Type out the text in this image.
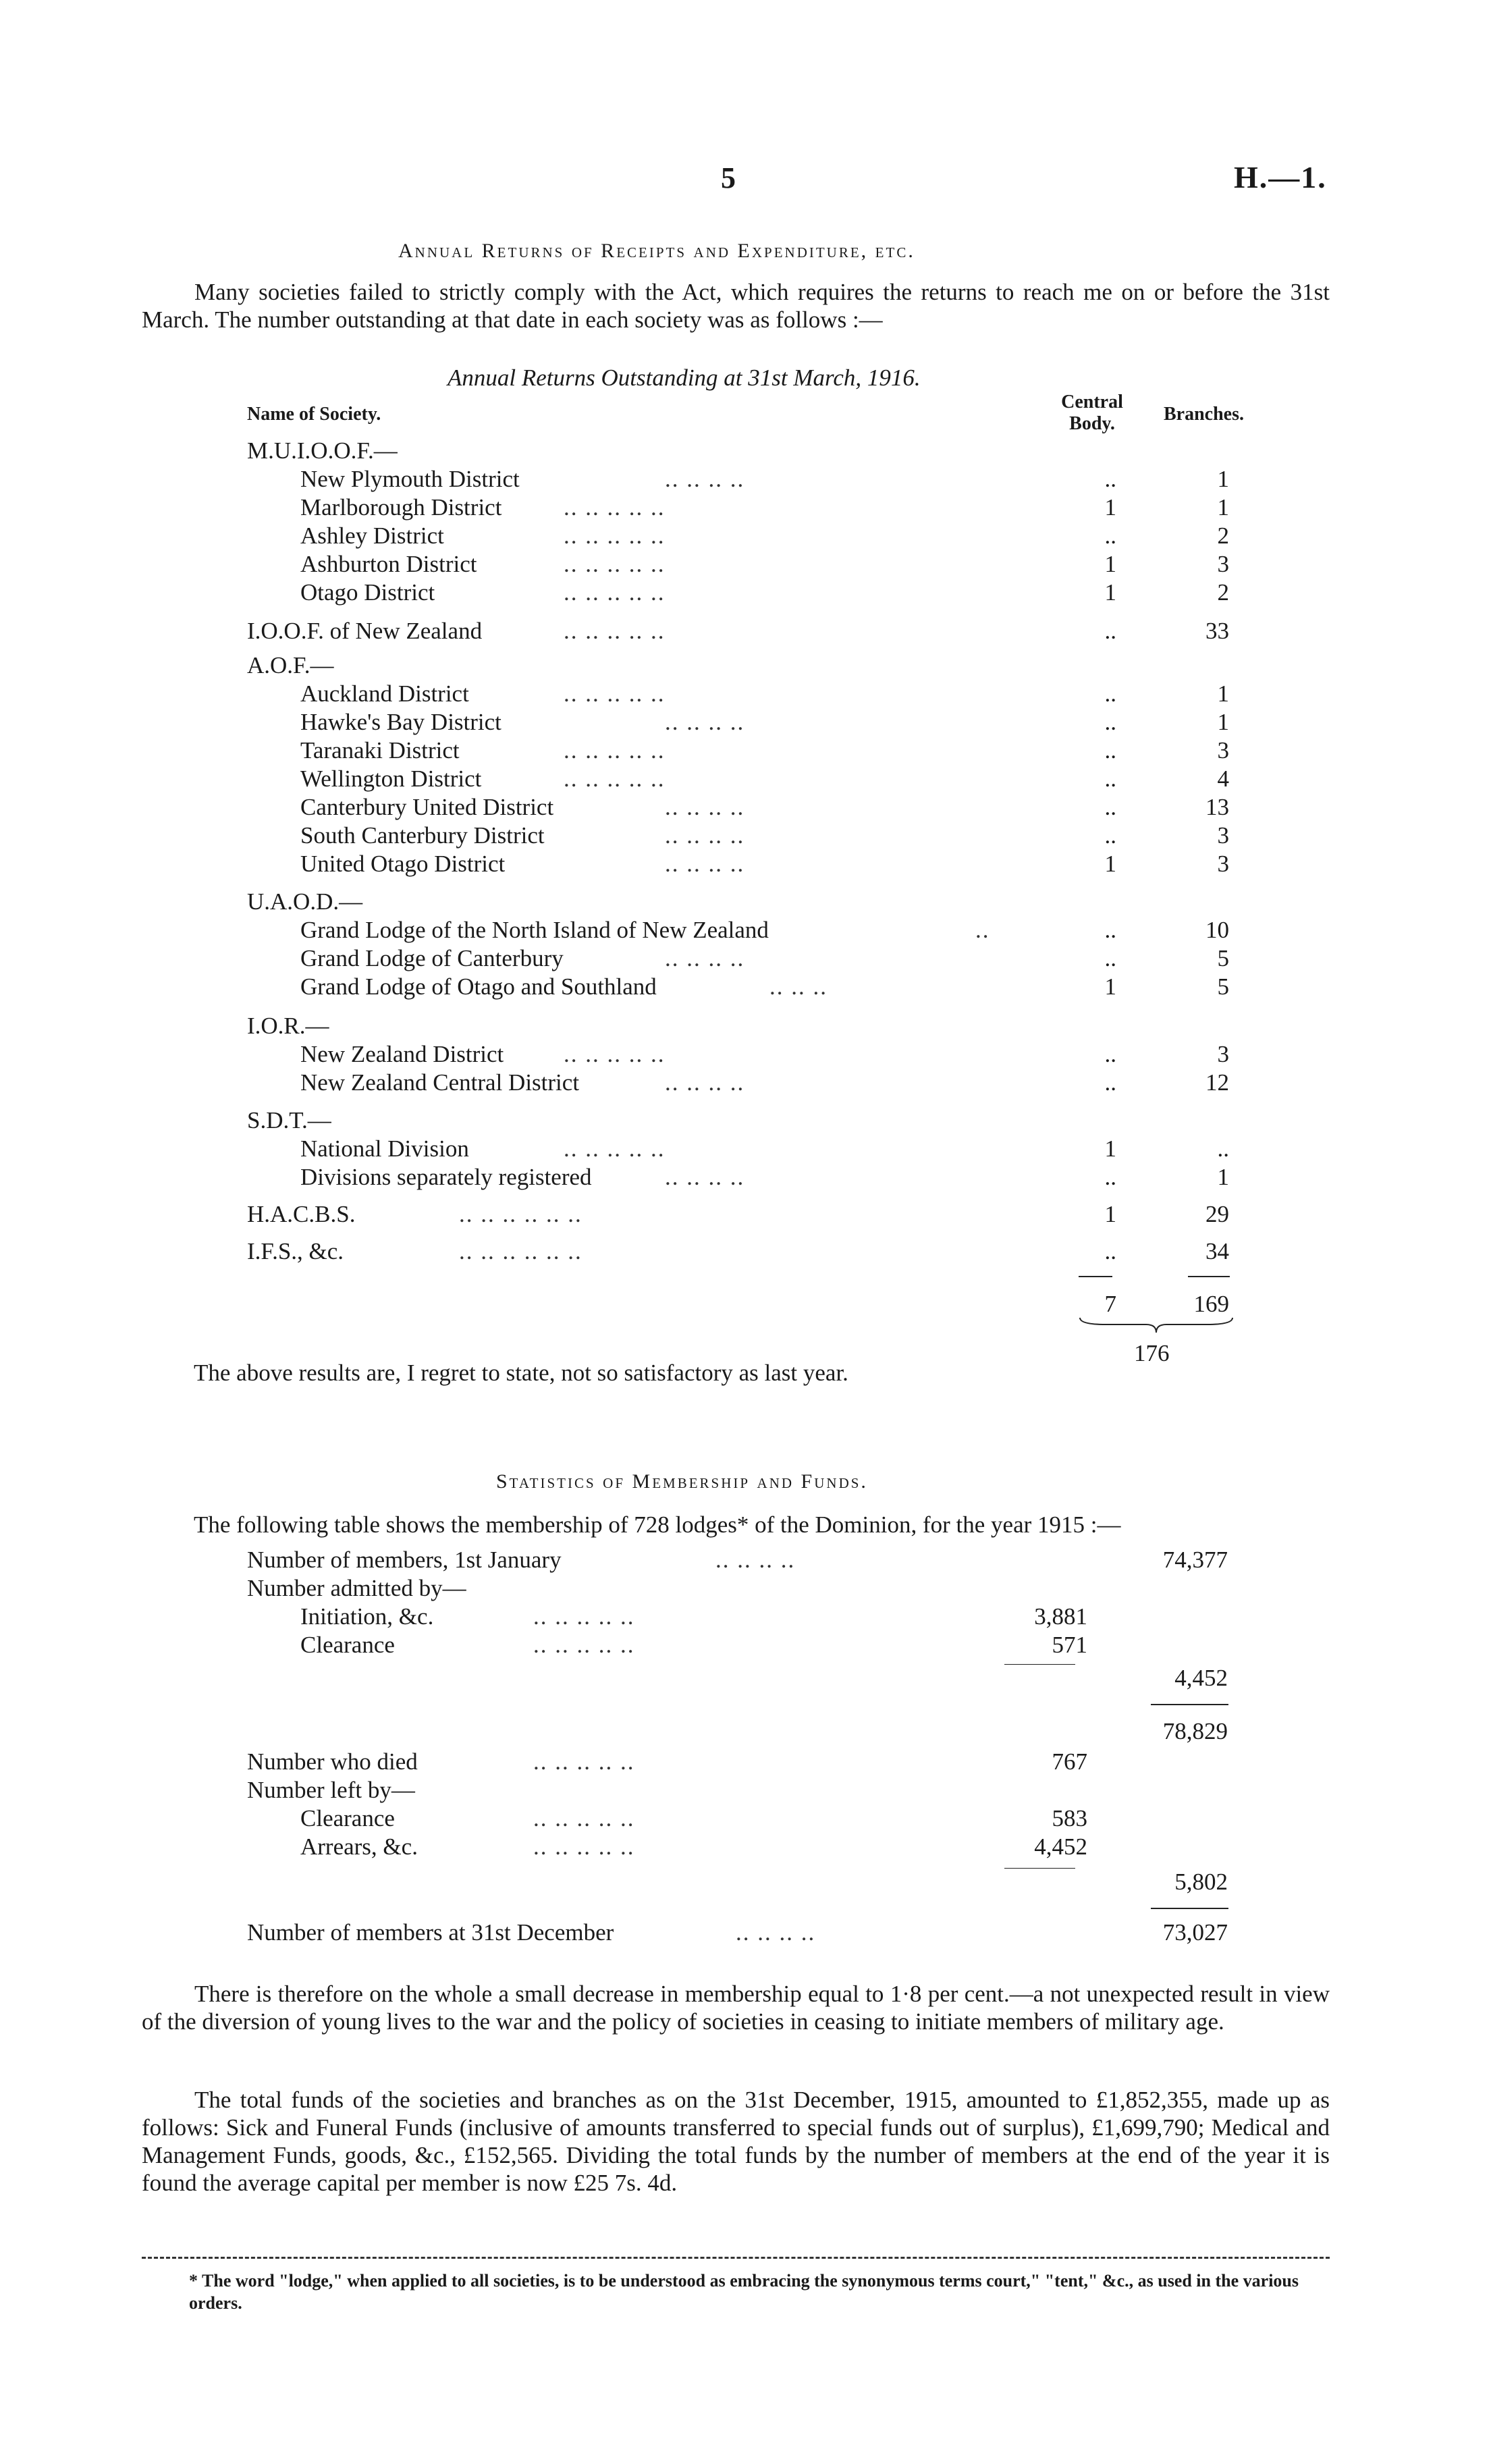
5	H.—1.
Annual Returns of Receipts and Expenditure, etc.
Many societies failed to strictly comply with the Act, which requires the returns to reach me on or before the 31st March. The number outstanding at that date in each society was as follows :—
Annual Returns Outstanding at 31st March, 1916.
Name of Society.
Central Body.	Branches.
M.U.I.O.O.F.—
New Plymouth District	.. .. .. ..	..	1
Marlborough District	.. .. .. .. ..	1	1
Ashley District	.. .. .. .. ..	..	2
Ashburton District	.. .. .. .. ..	1	3
Otago District	.. .. .. .. ..	1	2
I.O.O.F. of New Zealand	.. .. .. .. ..	..	33
A.O.F.—
Auckland District	.. .. .. .. ..	..	1
Hawke's Bay District	.. .. .. ..	..	1
Taranaki District	.. .. .. .. ..	..	3
Wellington District	.. .. .. .. ..	..	4
Canterbury United District	.. .. .. ..	..	13
South Canterbury District	.. .. .. ..	..	3
United Otago District	.. .. .. ..	1	3
U.A.O.D.—
Grand Lodge of the North Island of New Zealand	..	..	10
Grand Lodge of Canterbury	.. .. .. ..	..	5
Grand Lodge of Otago and Southland	.. .. ..	1	5
I.O.R.—
New Zealand District	.. .. .. .. ..	..	3
New Zealand Central District	.. .. .. ..	..	12
S.D.T.—
National Division	.. .. .. .. ..	1	..
Divisions separately registered	.. .. .. ..	..	1
H.A.C.B.S.	.. .. .. .. .. ..	1	29
I.F.S., &c.	.. .. .. .. .. ..	..	34
7	169
176
The above results are, I regret to state, not so satisfactory as last year.
Statistics of Membership and Funds.
The following table shows the membership of 728 lodges* of the Dominion, for the year 1915 :—
Number of members, 1st January	.. .. .. ..	74,377
Number admitted by—
Initiation, &c.	.. .. .. .. ..	3,881
Clearance	.. .. .. .. ..	571
4,452
78,829
Number who died	.. .. .. .. ..	767
Number left by—
Clearance	.. .. .. .. ..	583
Arrears, &c.	.. .. .. .. ..	4,452
5,802
Number of members at 31st December	.. .. .. ..	73,027
There is therefore on the whole a small decrease in membership equal to 1·8 per cent.—a not unexpected result in view of the diversion of young lives to the war and the policy of societies in ceasing to initiate members of military age.
The total funds of the societies and branches as on the 31st December, 1915, amounted to £1,852,355, made up as follows: Sick and Funeral Funds (inclusive of amounts transferred to special funds out of surplus), £1,699,790; Medical and Management Funds, goods, &c., £152,565. Dividing the total funds by the number of members at the end of the year it is found the average capital per member is now £25 7s. 4d.
* The word "lodge," when applied to all societies, is to be understood as embracing the synonymous terms court," "tent," &c., as used in the various orders.
